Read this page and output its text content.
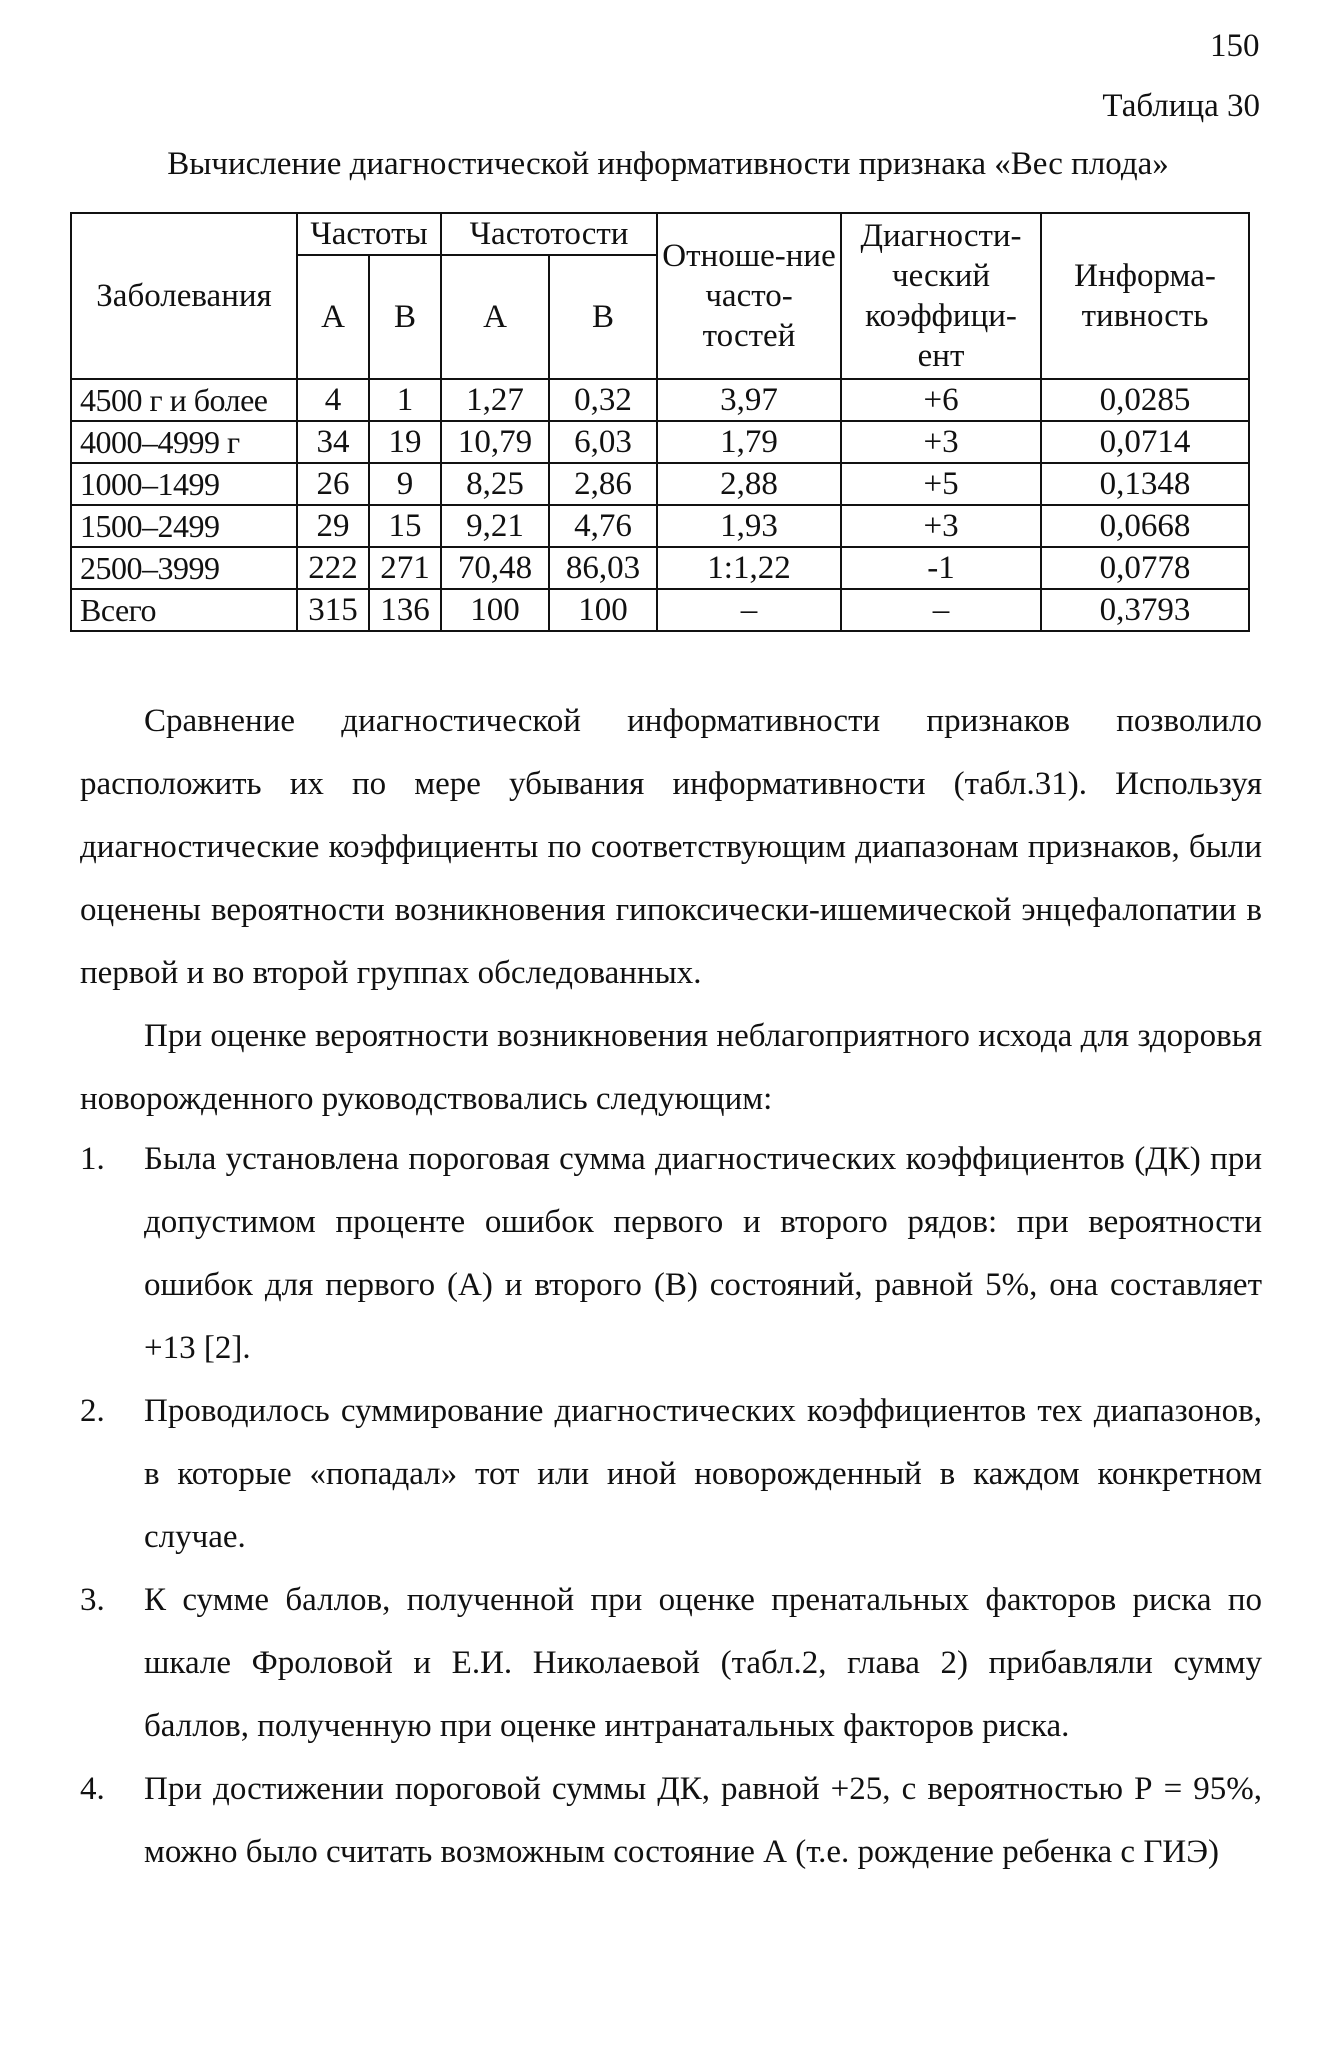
150
Таблица 30
Вычисление диагностической информативности признака «Вес плода»
Заболевания	Частоты		Частотости		Отноше-ние часто-тостей	Диагности-ческий коэффици-ент	Информа-тивность
	А	В	А	В			
4500 г и более	4	1	1,27	0,32	3,97	+6	0,0285
4000–4999 г	34	19	10,79	6,03	1,79	+3	0,0714
1000–1499	26	9	8,25	2,86	2,88	+5	0,1348
1500–2499	29	15	9,21	4,76	1,93	+3	0,0668
2500–3999	222	271	70,48	86,03	1:1,22	-1	0,0778
Всего	315	136	100	100	–	–	0,3793

Сравнение диагностической информативности признаков позволило расположить их по мере убывания информативности (табл.31). Используя диагностические коэффициенты по соответствующим диапазонам признаков, были оценены вероятности возникновения гипоксически-ишемической энцефалопатии в первой и во второй группах обследованных.

При оценке вероятности возникновения неблагоприятного исхода для здоровья новорожденного руководствовались следующим:

1. Была установлена пороговая сумма диагностических коэффициентов (ДК) при допустимом проценте ошибок первого и второго рядов: при вероятности ошибок для первого (А) и второго (В) состояний, равной 5%, она составляет +13 [2].
2. Проводилось суммирование диагностических коэффициентов тех диапазонов, в которые «попадал» тот или иной новорожденный в каждом конкретном случае.
3. К сумме баллов, полученной при оценке пренатальных факторов риска по шкале Фроловой и Е.И. Николаевой (табл.2, глава 2) прибавляли сумму баллов, полученную при оценке интранатальных факторов риска.
4. При достижении пороговой суммы ДК, равной +25, с вероятностью Р = 95%, можно было считать возможным состояние А (т.е. рождение ребенка с ГИЭ)
